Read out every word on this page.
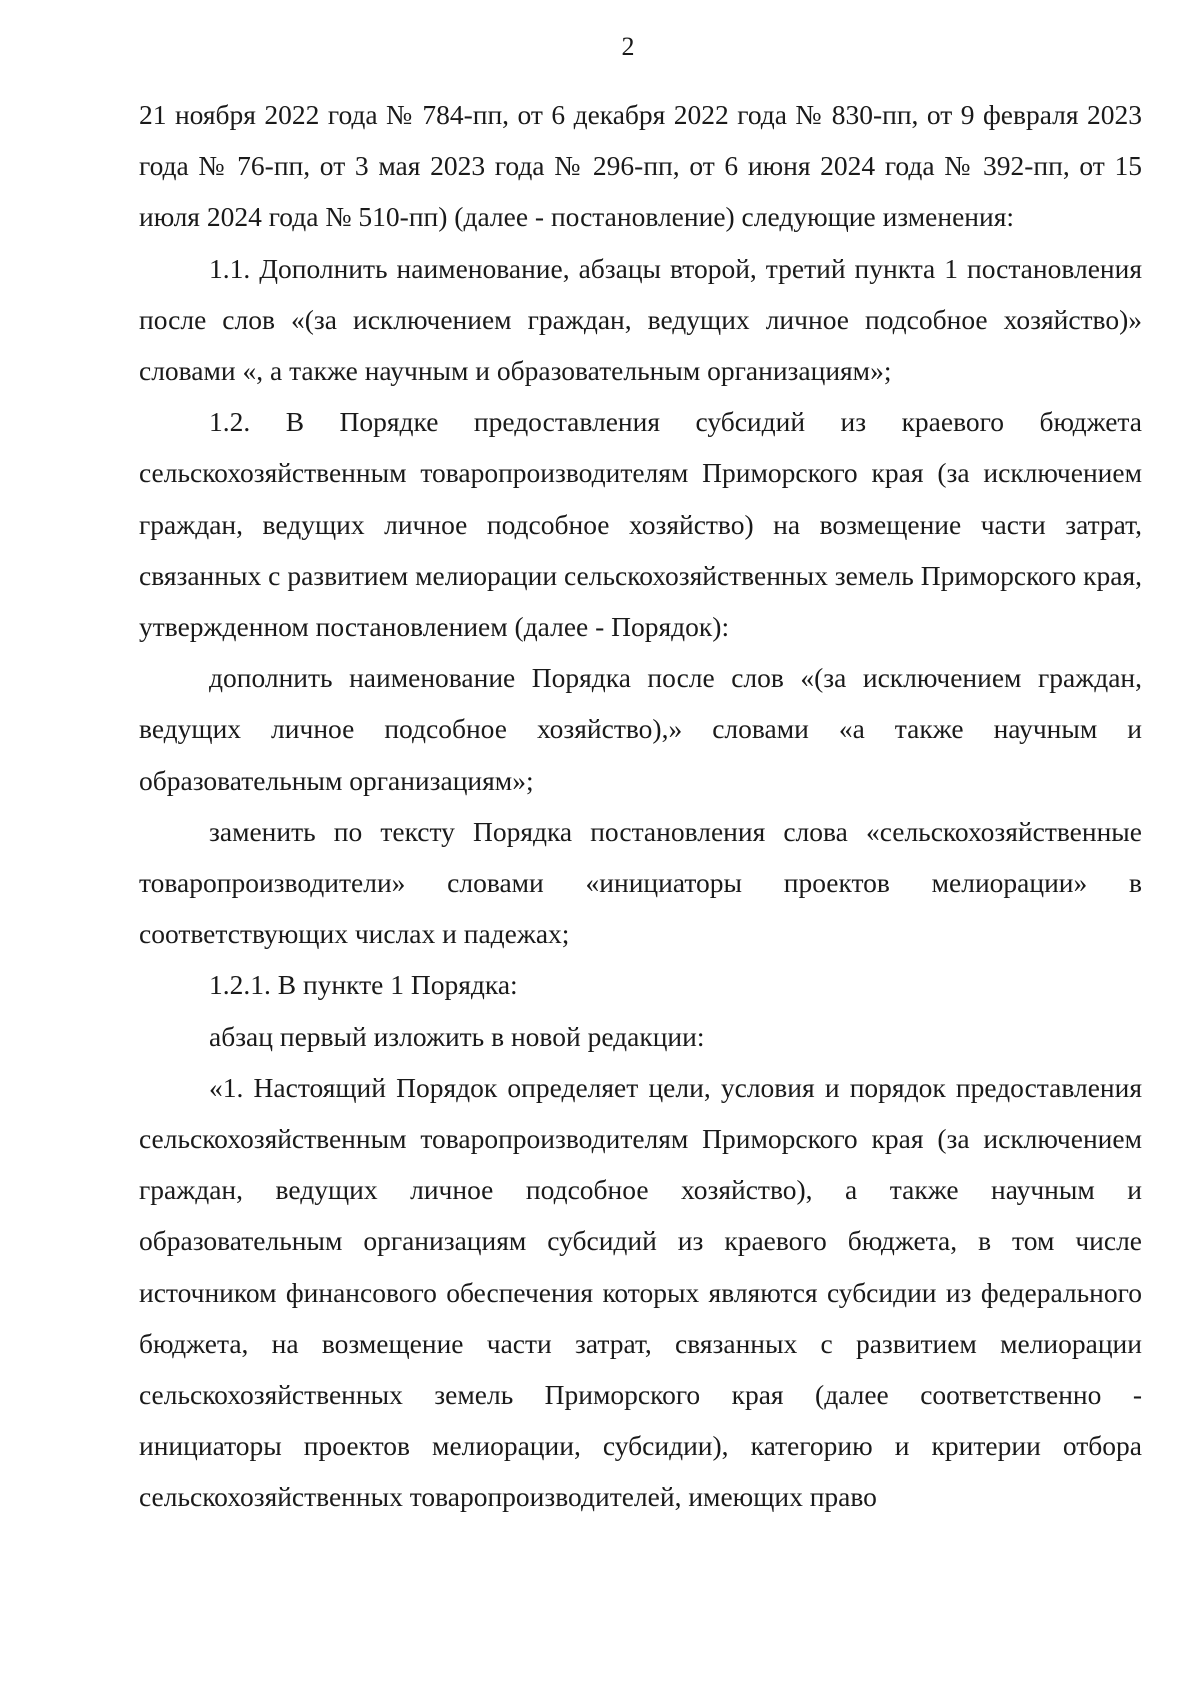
2

21 ноября 2022 года № 784-пп, от 6 декабря 2022 года № 830-пп, от 9 февраля 2023 года № 76-пп, от 3 мая 2023 года № 296-пп, от 6 июня 2024 года № 392-пп, от 15 июля 2024 года № 510-пп) (далее - постановление) следующие изменения:

1.1. Дополнить наименование, абзацы второй, третий пункта 1 постановления после слов «(за исключением граждан, ведущих личное подсобное хозяйство)» словами «, а также научным и образовательным организациям»;

1.2. В Порядке предоставления субсидий из краевого бюджета сельскохозяйственным товаропроизводителям Приморского края (за исключением граждан, ведущих личное подсобное хозяйство) на возмещение части затрат, связанных с развитием мелиорации сельскохозяйственных земель Приморского края, утвержденном постановлением (далее - Порядок):

дополнить наименование Порядка после слов «(за исключением граждан, ведущих личное подсобное хозяйство),» словами «а также научным и образовательным организациям»;

заменить по тексту Порядка постановления слова «сельскохозяйственные товаропроизводители» словами «инициаторы проектов мелиорации» в соответствующих числах и падежах;

1.2.1. В пункте 1 Порядка:

абзац первый изложить в новой редакции:

«1. Настоящий Порядок определяет цели, условия и порядок предоставления сельскохозяйственным товаропроизводителям Приморского края (за исключением граждан, ведущих личное подсобное хозяйство), а также научным и образовательным организациям субсидий из краевого бюджета, в том числе источником финансового обеспечения которых являются субсидии из федерального бюджета, на возмещение части затрат, связанных с развитием мелиорации сельскохозяйственных земель Приморского края (далее соответственно - инициаторы проектов мелиорации, субсидии), категорию и критерии отбора сельскохозяйственных товаропроизводителей, имеющих право
